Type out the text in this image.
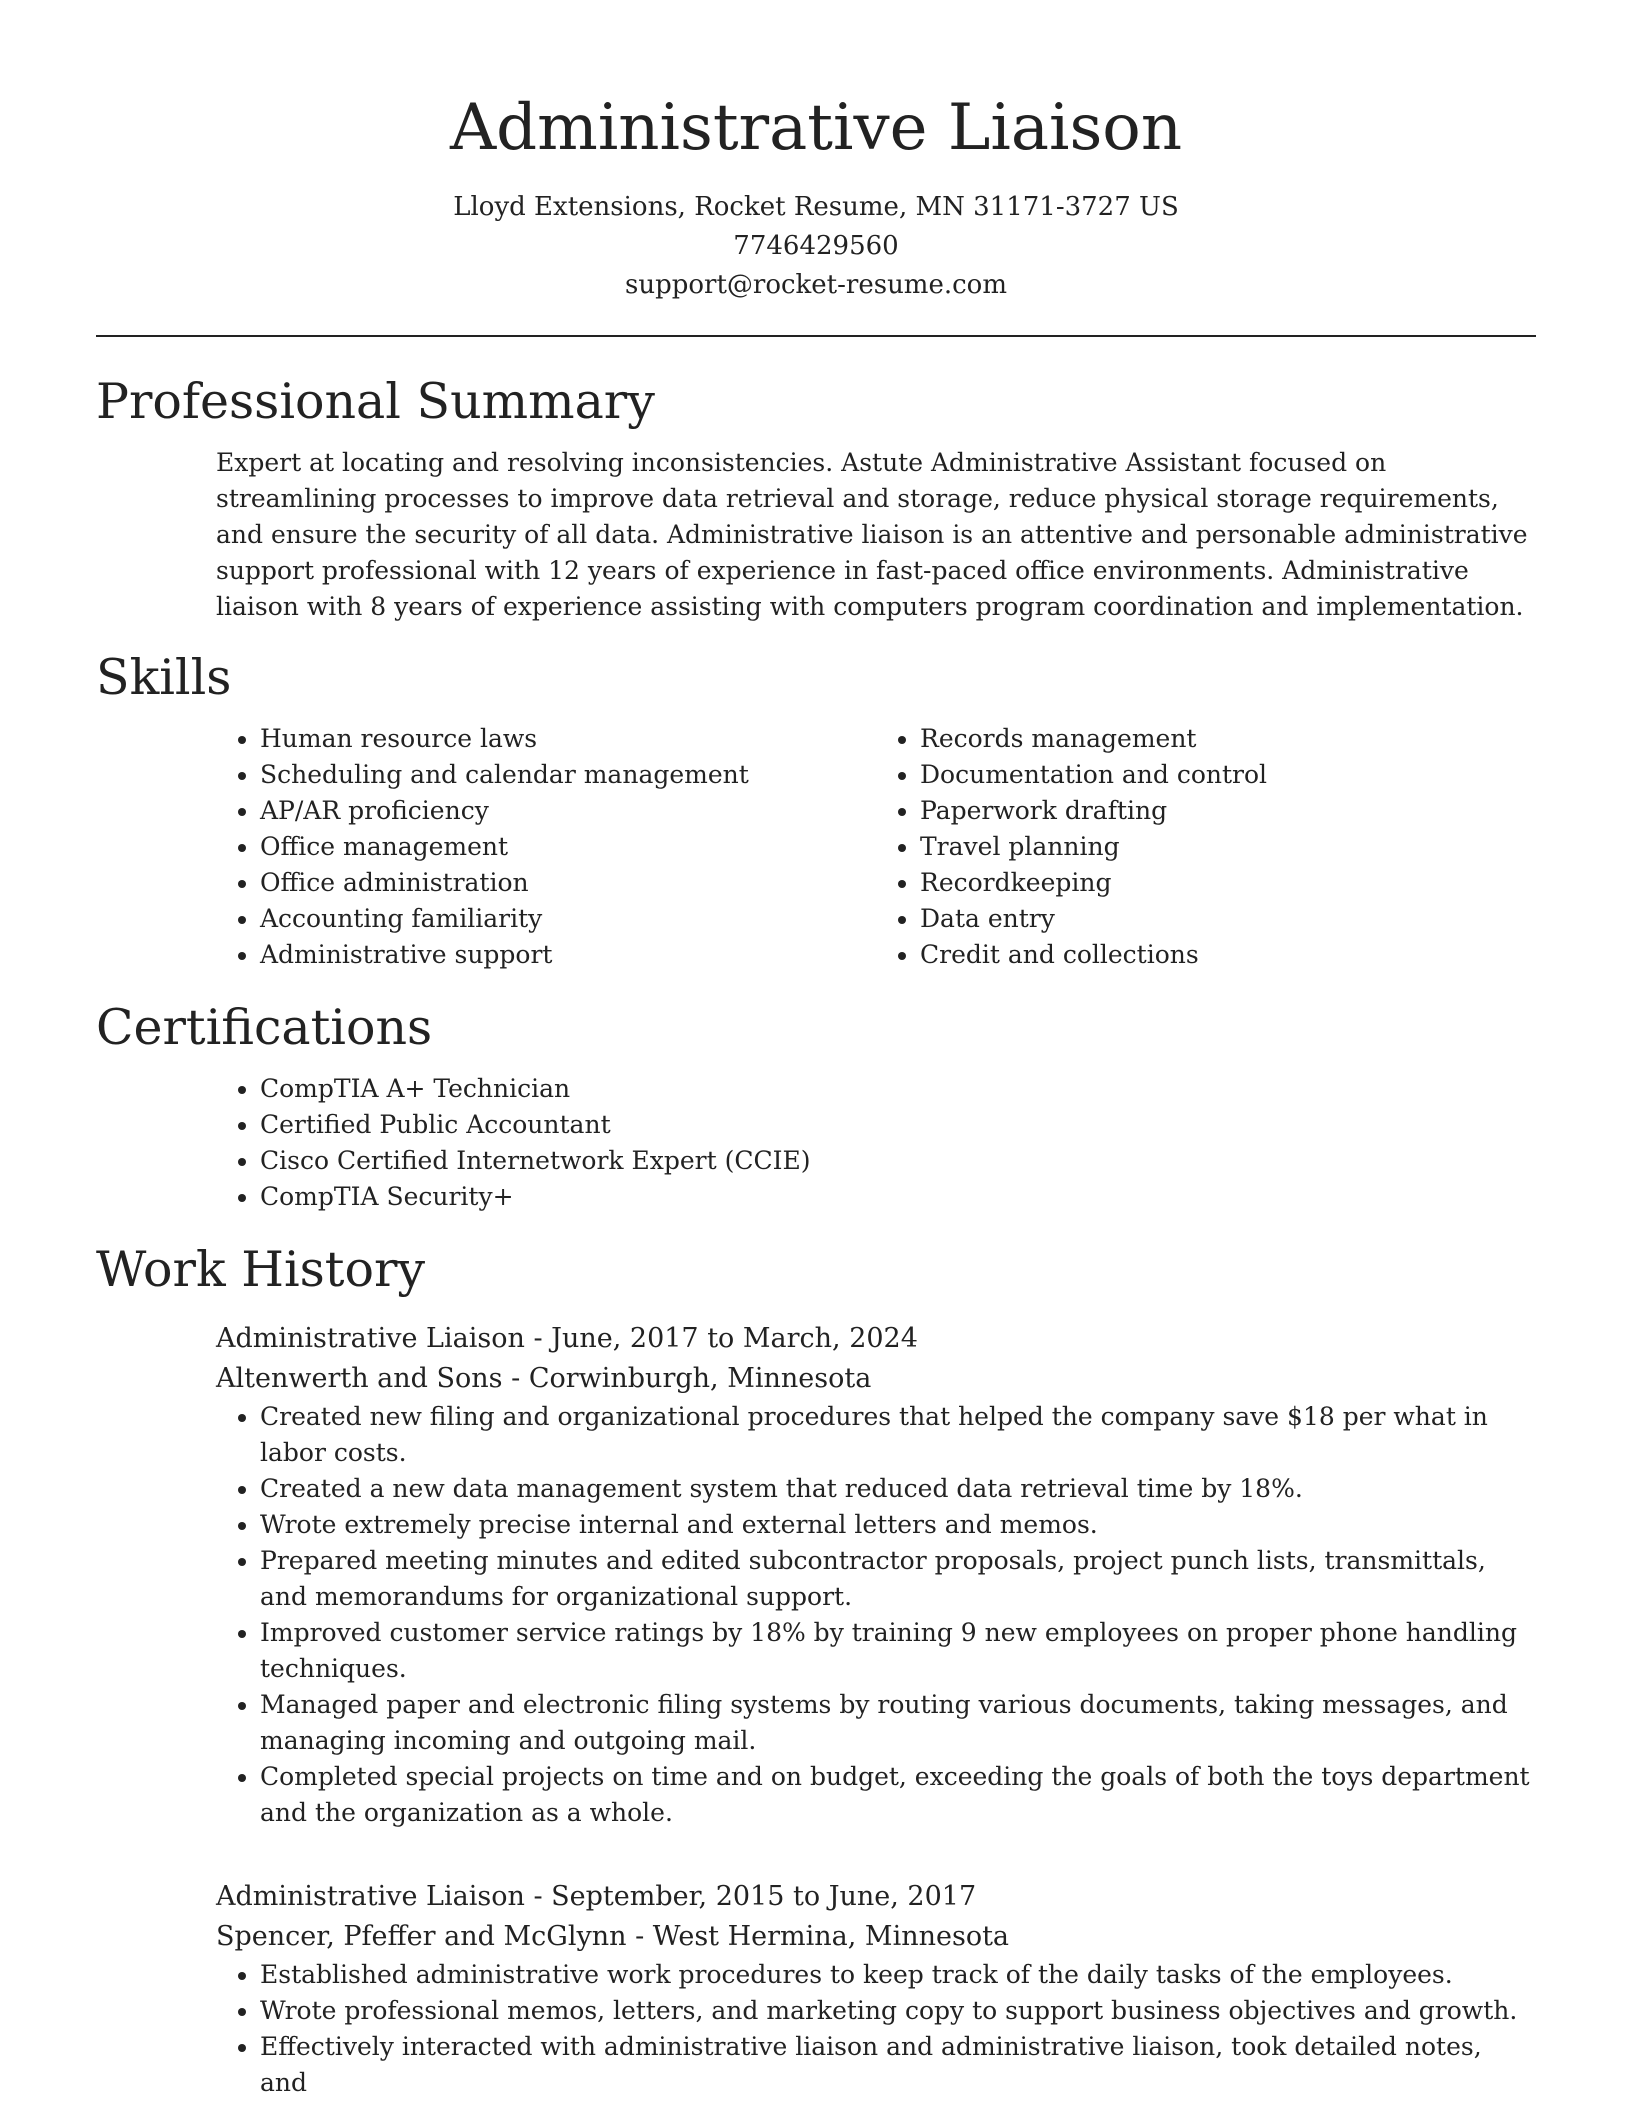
Administrative Liaison
Lloyd Extensions, Rocket Resume, MN 31171-3727 US
7746429560
support@rocket-resume.com
Professional Summary

Expert at locating and resolving inconsistencies. Astute Administrative Assistant focused on streamlining processes to improve data retrieval and storage, reduce physical storage requirements, and ensure the security of all data. Administrative liaison is an attentive and personable administrative support professional with 12 years of experience in fast-paced office environments. Administrative liaison with 8 years of experience assisting with computers program coordination and implementation.

Skills
• Human resource laws
• Scheduling and calendar management
• AP/AR proficiency
• Office management
• Office administration
• Accounting familiarity
• Administrative support
• Records management
• Documentation and control
• Paperwork drafting
• Travel planning
• Recordkeeping
• Data entry
• Credit and collections
Certifications
• CompTIA A+ Technician
• Certified Public Accountant
• Cisco Certified Internetwork Expert (CCIE)
• CompTIA Security+
Work History

Administrative Liaison - June, 2017 to March, 2024

Altenwerth and Sons - Corwinburgh, Minnesota

• Created new filing and organizational procedures that helped the company save $18 per what in labor costs.
• Created a new data management system that reduced data retrieval time by 18%.
• Wrote extremely precise internal and external letters and memos.
• Prepared meeting minutes and edited subcontractor proposals, project punch lists, transmittals, and memorandums for organizational support.
• Improved customer service ratings by 18% by training 9 new employees on proper phone handling techniques.
• Managed paper and electronic filing systems by routing various documents, taking messages, and managing incoming and outgoing mail.
• Completed special projects on time and on budget, exceeding the goals of both the toys department and the organization as a whole.

Administrative Liaison - September, 2015 to June, 2017

Spencer, Pfeffer and McGlynn - West Hermina, Minnesota

• Established administrative work procedures to keep track of the daily tasks of the employees.
• Wrote professional memos, letters, and marketing copy to support business objectives and growth.
• Effectively interacted with administrative liaison and administrative liaison, took detailed notes, and
